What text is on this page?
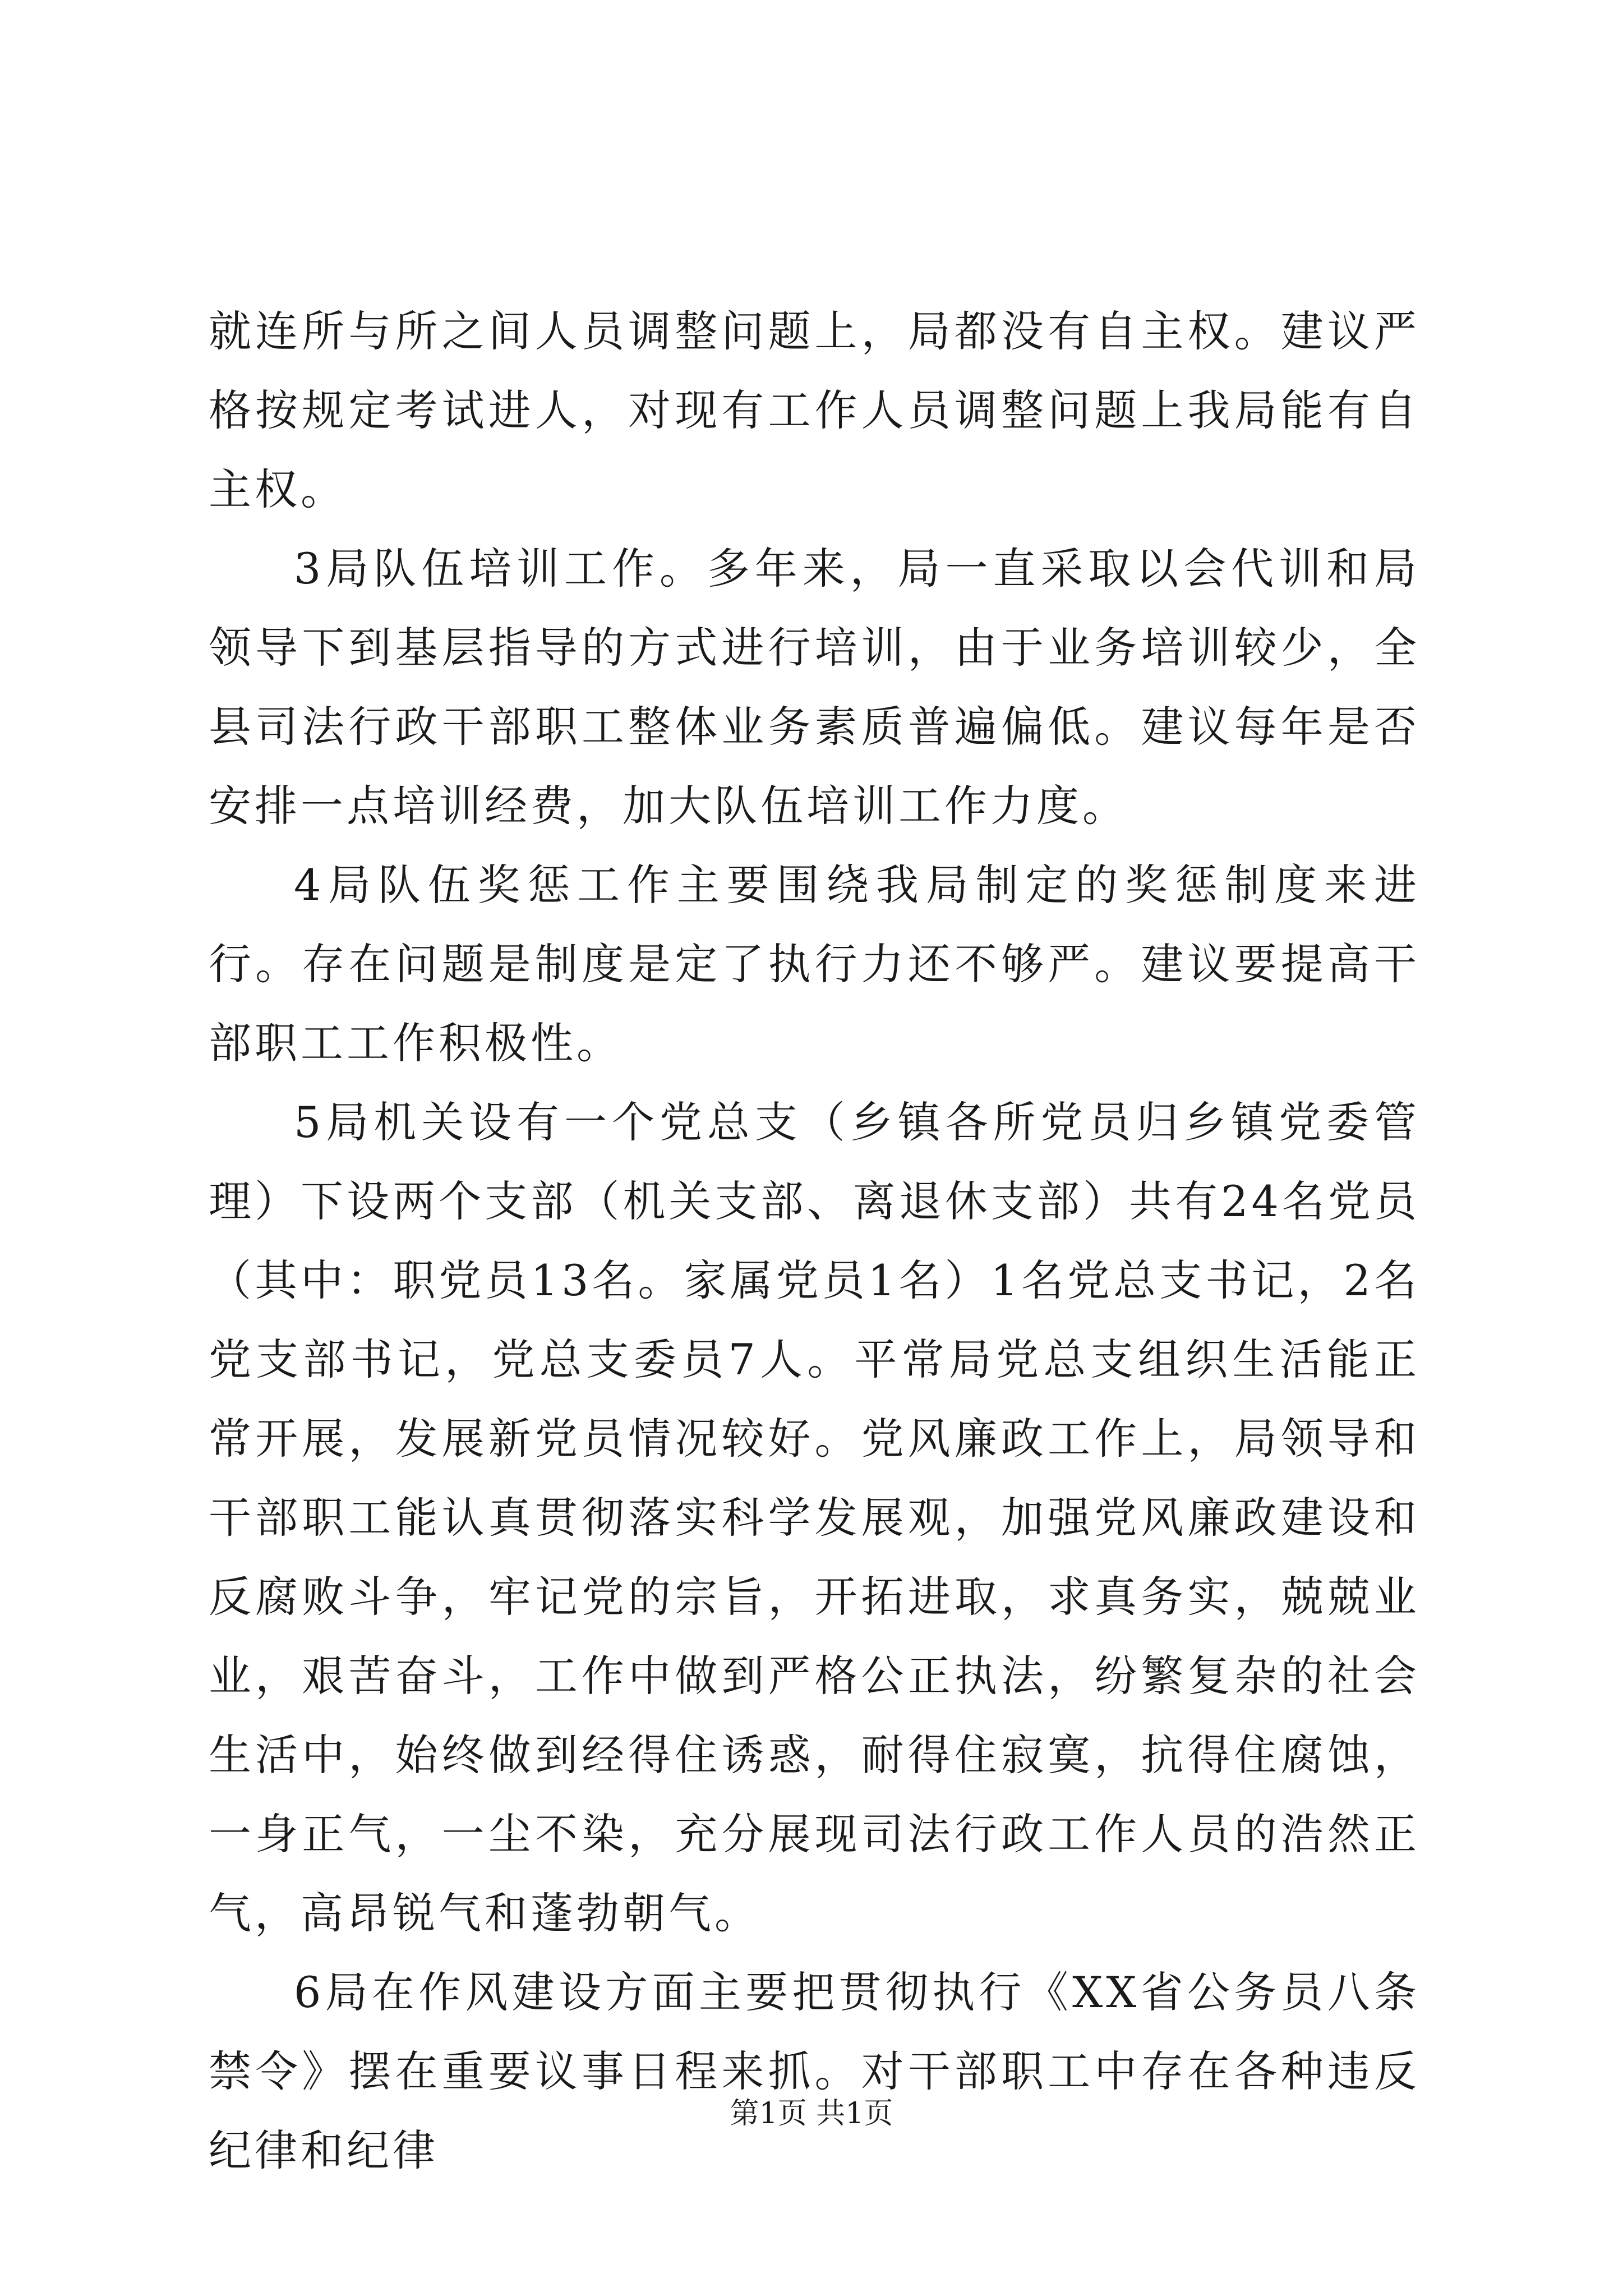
就连所与所之间人员调整问题上，局都没有自主权。建议严格按规定考试进人，对现有工作人员调整问题上我局能有自主权。

3局队伍培训工作。多年来，局一直采取以会代训和局领导下到基层指导的方式进行培训，由于业务培训较少，全县司法行政干部职工整体业务素质普遍偏低。建议每年是否安排一点培训经费，加大队伍培训工作力度。

4局队伍奖惩工作主要围绕我局制定的奖惩制度来进行。存在问题是制度是定了执行力还不够严。建议要提高干部职工工作积极性。

5局机关设有一个党总支（乡镇各所党员归乡镇党委管理）下设两个支部（机关支部、离退休支部）共有24名党员（其中：职党员13名。家属党员1名）1名党总支书记，2名党支部书记，党总支委员7人。平常局党总支组织生活能正常开展，发展新党员情况较好。党风廉政工作上，局领导和干部职工能认真贯彻落实科学发展观，加强党风廉政建设和反腐败斗争，牢记党的宗旨，开拓进取，求真务实，兢兢业业，艰苦奋斗，工作中做到严格公正执法，纷繁复杂的社会生活中，始终做到经得住诱惑，耐得住寂寞，抗得住腐蚀，一身正气，一尘不染，充分展现司法行政工作人员的浩然正气，高昂锐气和蓬勃朝气。

6局在作风建设方面主要把贯彻执行《XX省公务员八条禁令》摆在重要议事日程来抓。对干部职工中存在各种违反纪律和纪律

第1页 共1页
